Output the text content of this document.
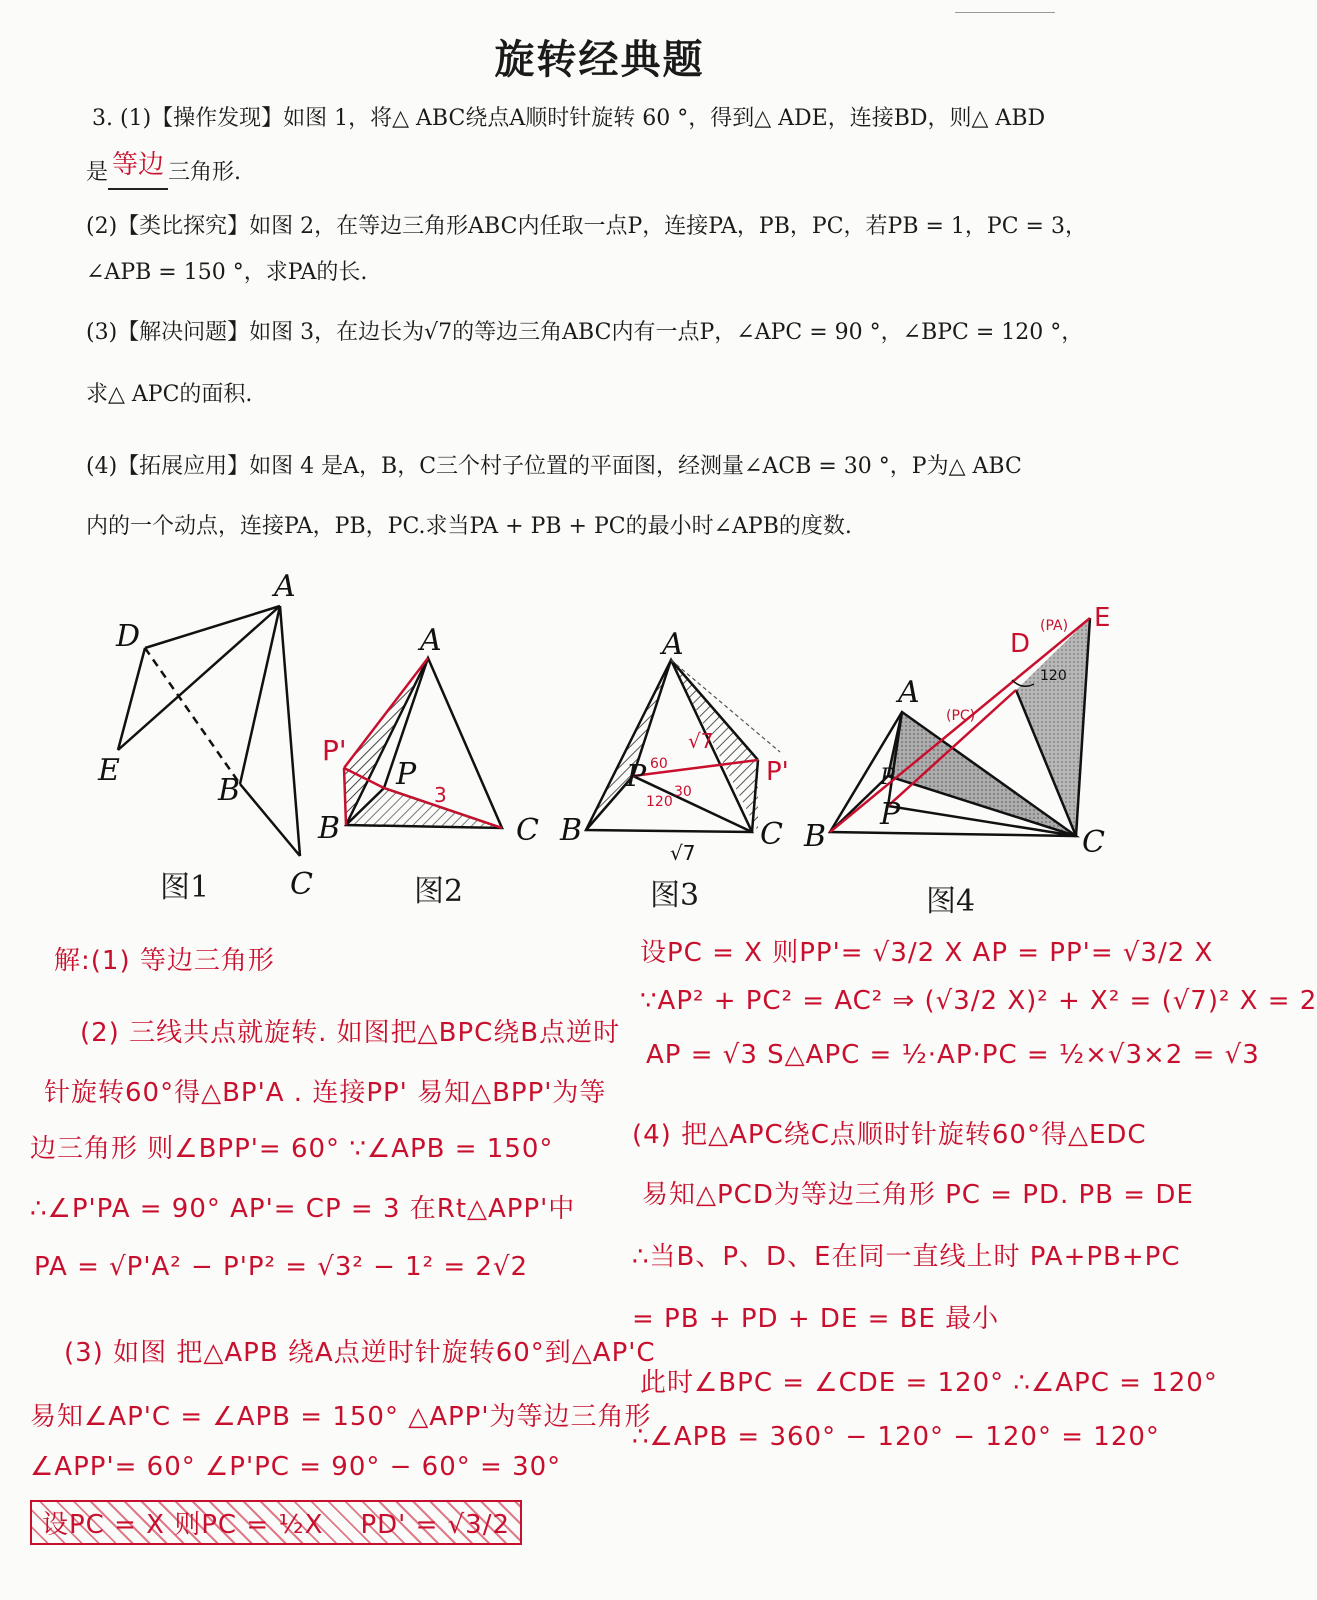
旋转经典题
3. (1)【操作发现】如图 1，将△ ABC绕点A顺时针旋转 60 °，得到△ ADE，连接BD，则△ ABD
是 等边 三角形.
(2)【类比探究】如图 2，在等边三角形ABC内任取一点P，连接PA，PB，PC，若PB = 1，PC = 3，
∠APB = 150 °，求PA的长.
(3)【解决问题】如图 3，在边长为√7的等边三角ABC内有一点P，∠APC = 90 °，∠BPC = 120 °，
求△ APC的面积.
(4)【拓展应用】如图 4 是A，B，C三个村子位置的平面图，经测量∠ACB = 30 °，P为△ ABC
内的一个动点，连接PA，PB，PC.求当PA + PB + PC的最小时∠APB的度数.
A
D
E
B
C
A
P'
P
B	C
3
A
B	C
P	P'
√7
√7
60
120
30
A
B	C
P
P
D
E
(PA)
(PC)
120
图1	图2	图3	图4
解:(1) 等边三角形
(2) 三线共点就旋转. 如图把△BPC绕B点逆时
针旋转60°得△BP'A . 连接PP' 易知△BPP'为等
边三角形 则∠BPP'= 60° ∵∠APB = 150°
∴∠P'PA = 90° AP'= CP = 3 在Rt△APP'中
PA = √P'A² − P'P² = √3² − 1² = 2√2
(3) 如图 把△APB 绕A点逆时针旋转60°到△AP'C
易知∠AP'C = ∠APB = 150° △APP'为等边三角形
∠APP'= 60° ∠P'PC = 90° − 60° = 30°
设PC = X 则PC = ½X PD' = √3/2
设PC = X 则PP'= √3/2 X AP = PP'= √3/2 X
∵AP² + PC² = AC² ⇒ (√3/2 X)² + X² = (√7)² X = 2
AP = √3 S△APC = ½·AP·PC = ½×√3×2 = √3
(4) 把△APC绕C点顺时针旋转60°得△EDC
易知△PCD为等边三角形 PC = PD. PB = DE
∴当B、P、D、E在同一直线上时 PA+PB+PC
= PB + PD + DE = BE 最小
此时∠BPC = ∠CDE = 120° ∴∠APC = 120°
∴∠APB = 360° − 120° − 120° = 120°
